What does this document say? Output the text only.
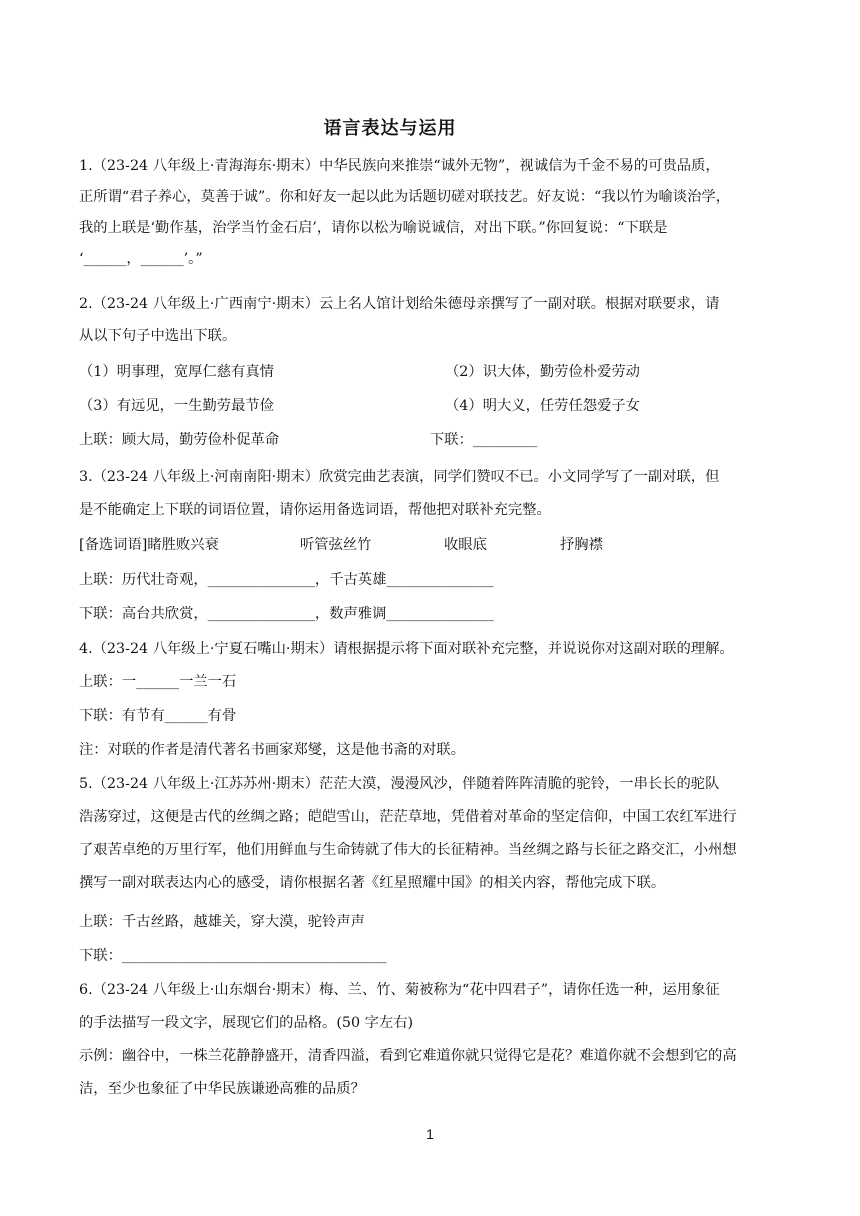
语言表达与运用
1.（23-24 八年级上·青海海东·期末）中华民族向来推崇“诚外无物”，视诚信为千金不易的可贵品质，
正所谓“君子养心，莫善于诚”。你和好友一起以此为话题切磋对联技艺。好友说：“我以竹为喻谈治学，
我的上联是‘勤作基，治学当竹金石启’，请你以松为喻说诚信，对出下联。”你回复说：“下联是
‘______，______’。”
2.（23-24 八年级上·广西南宁·期末）云上名人馆计划给朱德母亲撰写了一副对联。根据对联要求，请
从以下句子中选出下联。
（1）明事理，宽厚仁慈有真情	（2）识大体，勤劳俭朴爱劳动
（3）有远见，一生勤劳最节俭	（4）明大义，任劳任怨爱子女
上联：顾大局，勤劳俭朴促革命	下联：_________
3.（23-24 八年级上·河南南阳·期末）欣赏完曲艺表演，同学们赞叹不已。小文同学写了一副对联，但
是不能确定上下联的词语位置，请你运用备选词语，帮他把对联补充完整。
[备选词语]睹胜败兴衰	听管弦丝竹	收眼底	抒胸襟
上联：历代壮奇观，_______________，千古英雄_______________
下联：高台共欣赏，_______________，数声雅调_______________
4.（23-24 八年级上·宁夏石嘴山·期末）请根据提示将下面对联补充完整，并说说你对这副对联的理解。
上联：一______一兰一石
下联：有节有______有骨
注：对联的作者是清代著名书画家郑燮，这是他书斋的对联。
5.（23-24 八年级上·江苏苏州·期末）茫茫大漠，漫漫风沙，伴随着阵阵清脆的驼铃，一串长长的驼队
浩荡穿过，这便是古代的丝绸之路；皑皑雪山，茫茫草地，凭借着对革命的坚定信仰，中国工农红军进行
了艰苦卓绝的万里行军，他们用鲜血与生命铸就了伟大的长征精神。当丝绸之路与长征之路交汇，小州想
撰写一副对联表达内心的感受，请你根据名著《红星照耀中国》的相关内容，帮他完成下联。
上联：千古丝路，越雄关，穿大漠，驼铃声声
下联：_____________________________________
6.（23-24 八年级上·山东烟台·期末）梅、兰、竹、菊被称为“花中四君子”，请你任选一种，运用象征
的手法描写一段文字，展现它们的品格。(50 字左右)
示例：幽谷中，一株兰花静静盛开，清香四溢，看到它难道你就只觉得它是花？难道你就不会想到它的高
洁，至少也象征了中华民族谦逊高雅的品质？
1
